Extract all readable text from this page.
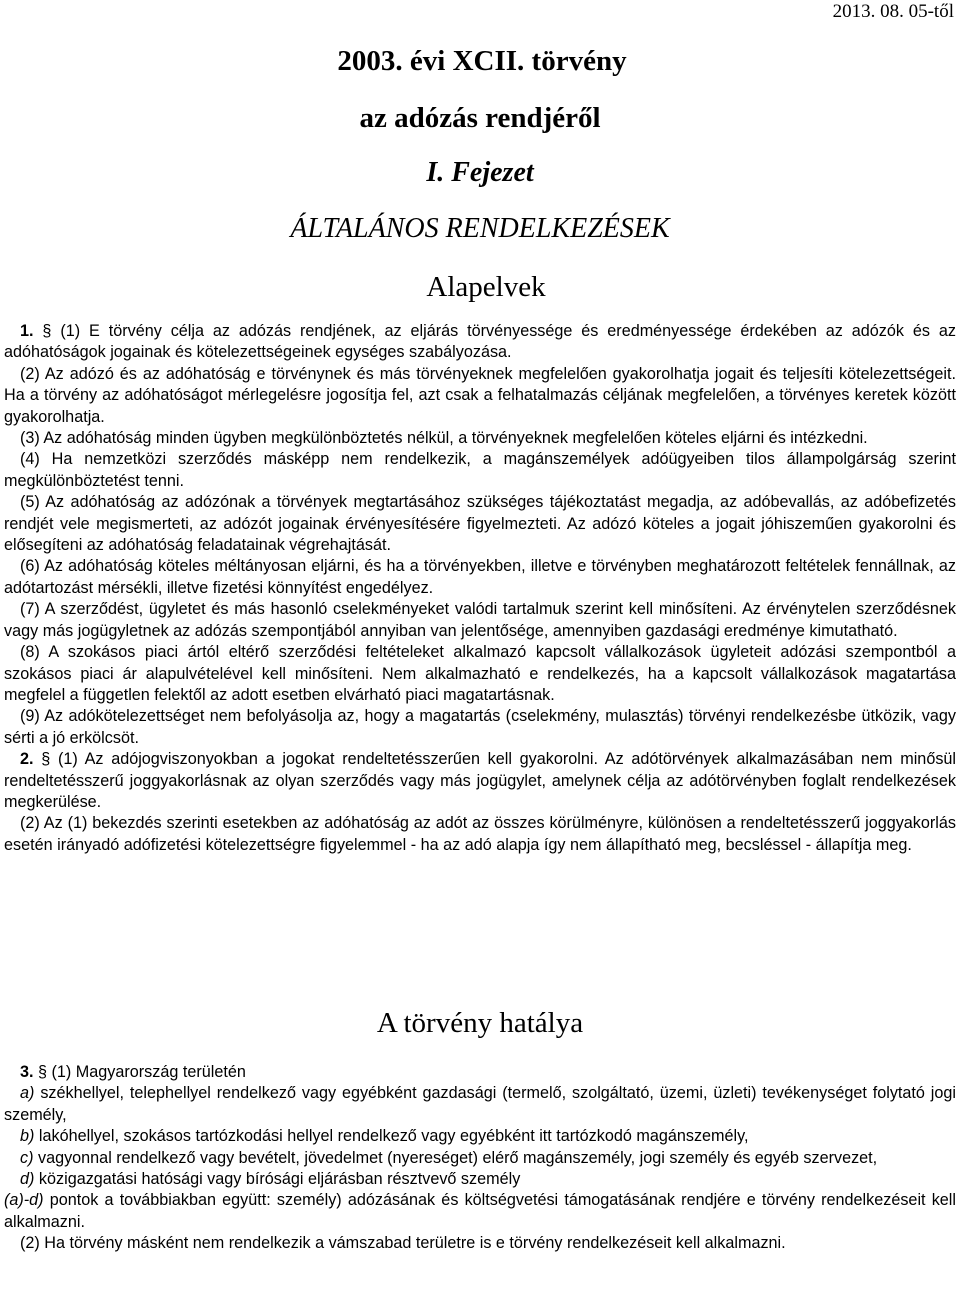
2013. 08. 05-től
2003. évi XCII. törvény
az adózás rendjéről
I. Fejezet
ÁLTALÁNOS RENDELKEZÉSEK
Alapelvek

1. § (1) E törvény célja az adózás rendjének, az eljárás törvényessége és eredményessége érdekében az adózók és az adóhatóságok jogainak és kötelezettségeinek egységes szabályozása.

(2) Az adózó és az adóhatóság e törvénynek és más törvényeknek megfelelően gyakorolhatja jogait és teljesíti kötelezettségeit. Ha a törvény az adóhatóságot mérlegelésre jogosítja fel, azt csak a felhatalmazás céljának megfelelően, a törvényes keretek között gyakorolhatja.

(3) Az adóhatóság minden ügyben megkülönböztetés nélkül, a törvényeknek megfelelően köteles eljárni és intézkedni.

(4) Ha nemzetközi szerződés másképp nem rendelkezik, a magánszemélyek adóügyeiben tilos állampolgárság szerint megkülönböztetést tenni.

(5) Az adóhatóság az adózónak a törvények megtartásához szükséges tájékoztatást megadja, az adóbevallás, az adóbefizetés rendjét vele megismerteti, az adózót jogainak érvényesítésére figyelmezteti. Az adózó köteles a jogait jóhiszeműen gyakorolni és elősegíteni az adóhatóság feladatainak végrehajtását.

(6) Az adóhatóság köteles méltányosan eljárni, és ha a törvényekben, illetve e törvényben meghatározott feltételek fennállnak, az adótartozást mérsékli, illetve fizetési könnyítést engedélyez.

(7) A szerződést, ügyletet és más hasonló cselekményeket valódi tartalmuk szerint kell minősíteni. Az érvénytelen szerződésnek vagy más jogügyletnek az adózás szempontjából annyiban van jelentősége, amennyiben gazdasági eredménye kimutatható.

(8) A szokásos piaci ártól eltérő szerződési feltételeket alkalmazó kapcsolt vállalkozások ügyleteit adózási szempontból a szokásos piaci ár alapulvételével kell minősíteni. Nem alkalmazható e rendelkezés, ha a kapcsolt vállalkozások magatartása megfelel a független felektől az adott esetben elvárható piaci magatartásnak.

(9) Az adókötelezettséget nem befolyásolja az, hogy a magatartás (cselekmény, mulasztás) törvényi rendelkezésbe ütközik, vagy sérti a jó erkölcsöt.

2. § (1) Az adójogviszonyokban a jogokat rendeltetésszerűen kell gyakorolni. Az adótörvények alkalmazásában nem minősül rendeltetésszerű joggyakorlásnak az olyan szerződés vagy más jogügylet, amelynek célja az adótörvényben foglalt rendelkezések megkerülése.

(2) Az (1) bekezdés szerinti esetekben az adóhatóság az adót az összes körülményre, különösen a rendeltetésszerű joggyakorlás esetén irányadó adófizetési kötelezettségre figyelemmel - ha az adó alapja így nem állapítható meg, becsléssel - állapítja meg.

A törvény hatálya

3. § (1) Magyarország területén

a) székhellyel, telephellyel rendelkező vagy egyébként gazdasági (termelő, szolgáltató, üzemi, üzleti) tevékenységet folytató jogi személy,

b) lakóhellyel, szokásos tartózkodási hellyel rendelkező vagy egyébként itt tartózkodó magánszemély,

c) vagyonnal rendelkező vagy bevételt, jövedelmet (nyereséget) elérő magánszemély, jogi személy és egyéb szervezet,

d) közigazgatási hatósági vagy bírósági eljárásban résztvevő személy

(a)-d) pontok a továbbiakban együtt: személy) adózásának és költségvetési támogatásának rendjére e törvény rendelkezéseit kell alkalmazni.

(2) Ha törvény másként nem rendelkezik a vámszabad területre is e törvény rendelkezéseit kell alkalmazni.
